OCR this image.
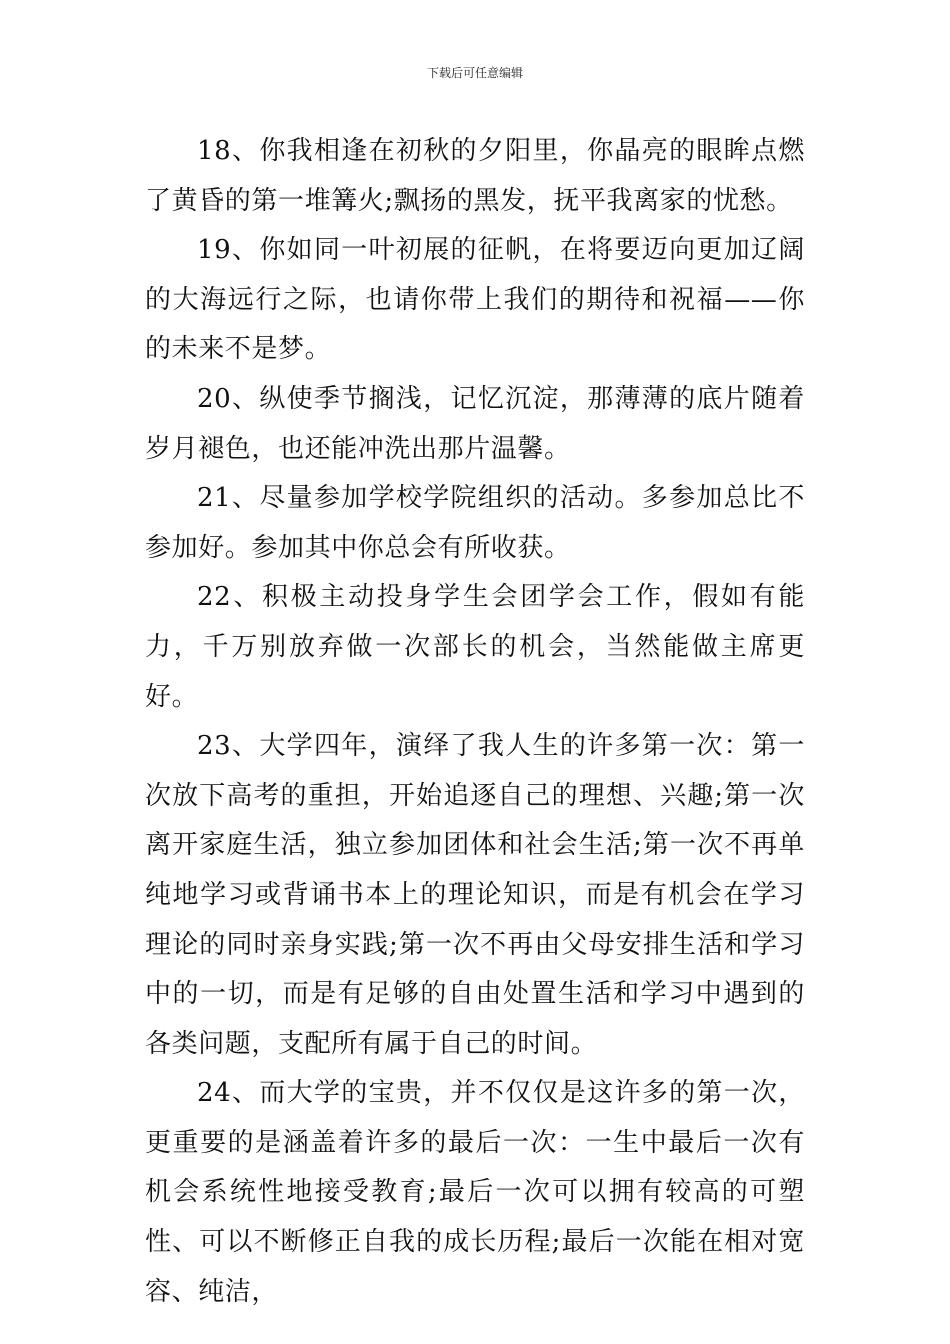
下载后可任意编辑

18、你我相逢在初秋的夕阳里，你晶亮的眼眸点燃了黄昏的第一堆篝火;飘扬的黑发，抚平我离家的忧愁。

19、你如同一叶初展的征帆，在将要迈向更加辽阔的大海远行之际，也请你带上我们的期待和祝福——你的未来不是梦。

20、纵使季节搁浅，记忆沉淀，那薄薄的底片随着岁月褪色，也还能冲洗出那片温馨。

21、尽量参加学校学院组织的活动。多参加总比不参加好。参加其中你总会有所收获。

22、积极主动投身学生会团学会工作，假如有能力，千万别放弃做一次部长的机会，当然能做主席更好。

23、大学四年，演绎了我人生的许多第一次：第一次放下高考的重担，开始追逐自己的理想、兴趣;第一次离开家庭生活，独立参加团体和社会生活;第一次不再单纯地学习或背诵书本上的理论知识，而是有机会在学习理论的同时亲身实践;第一次不再由父母安排生活和学习中的一切，而是有足够的自由处置生活和学习中遇到的各类问题，支配所有属于自己的时间。

24、而大学的宝贵，并不仅仅是这许多的第一次，更重要的是涵盖着许多的最后一次：一生中最后一次有机会系统性地接受教育;最后一次可以拥有较高的可塑性、可以不断修正自我的成长历程;最后一次能在相对宽容、纯洁，
